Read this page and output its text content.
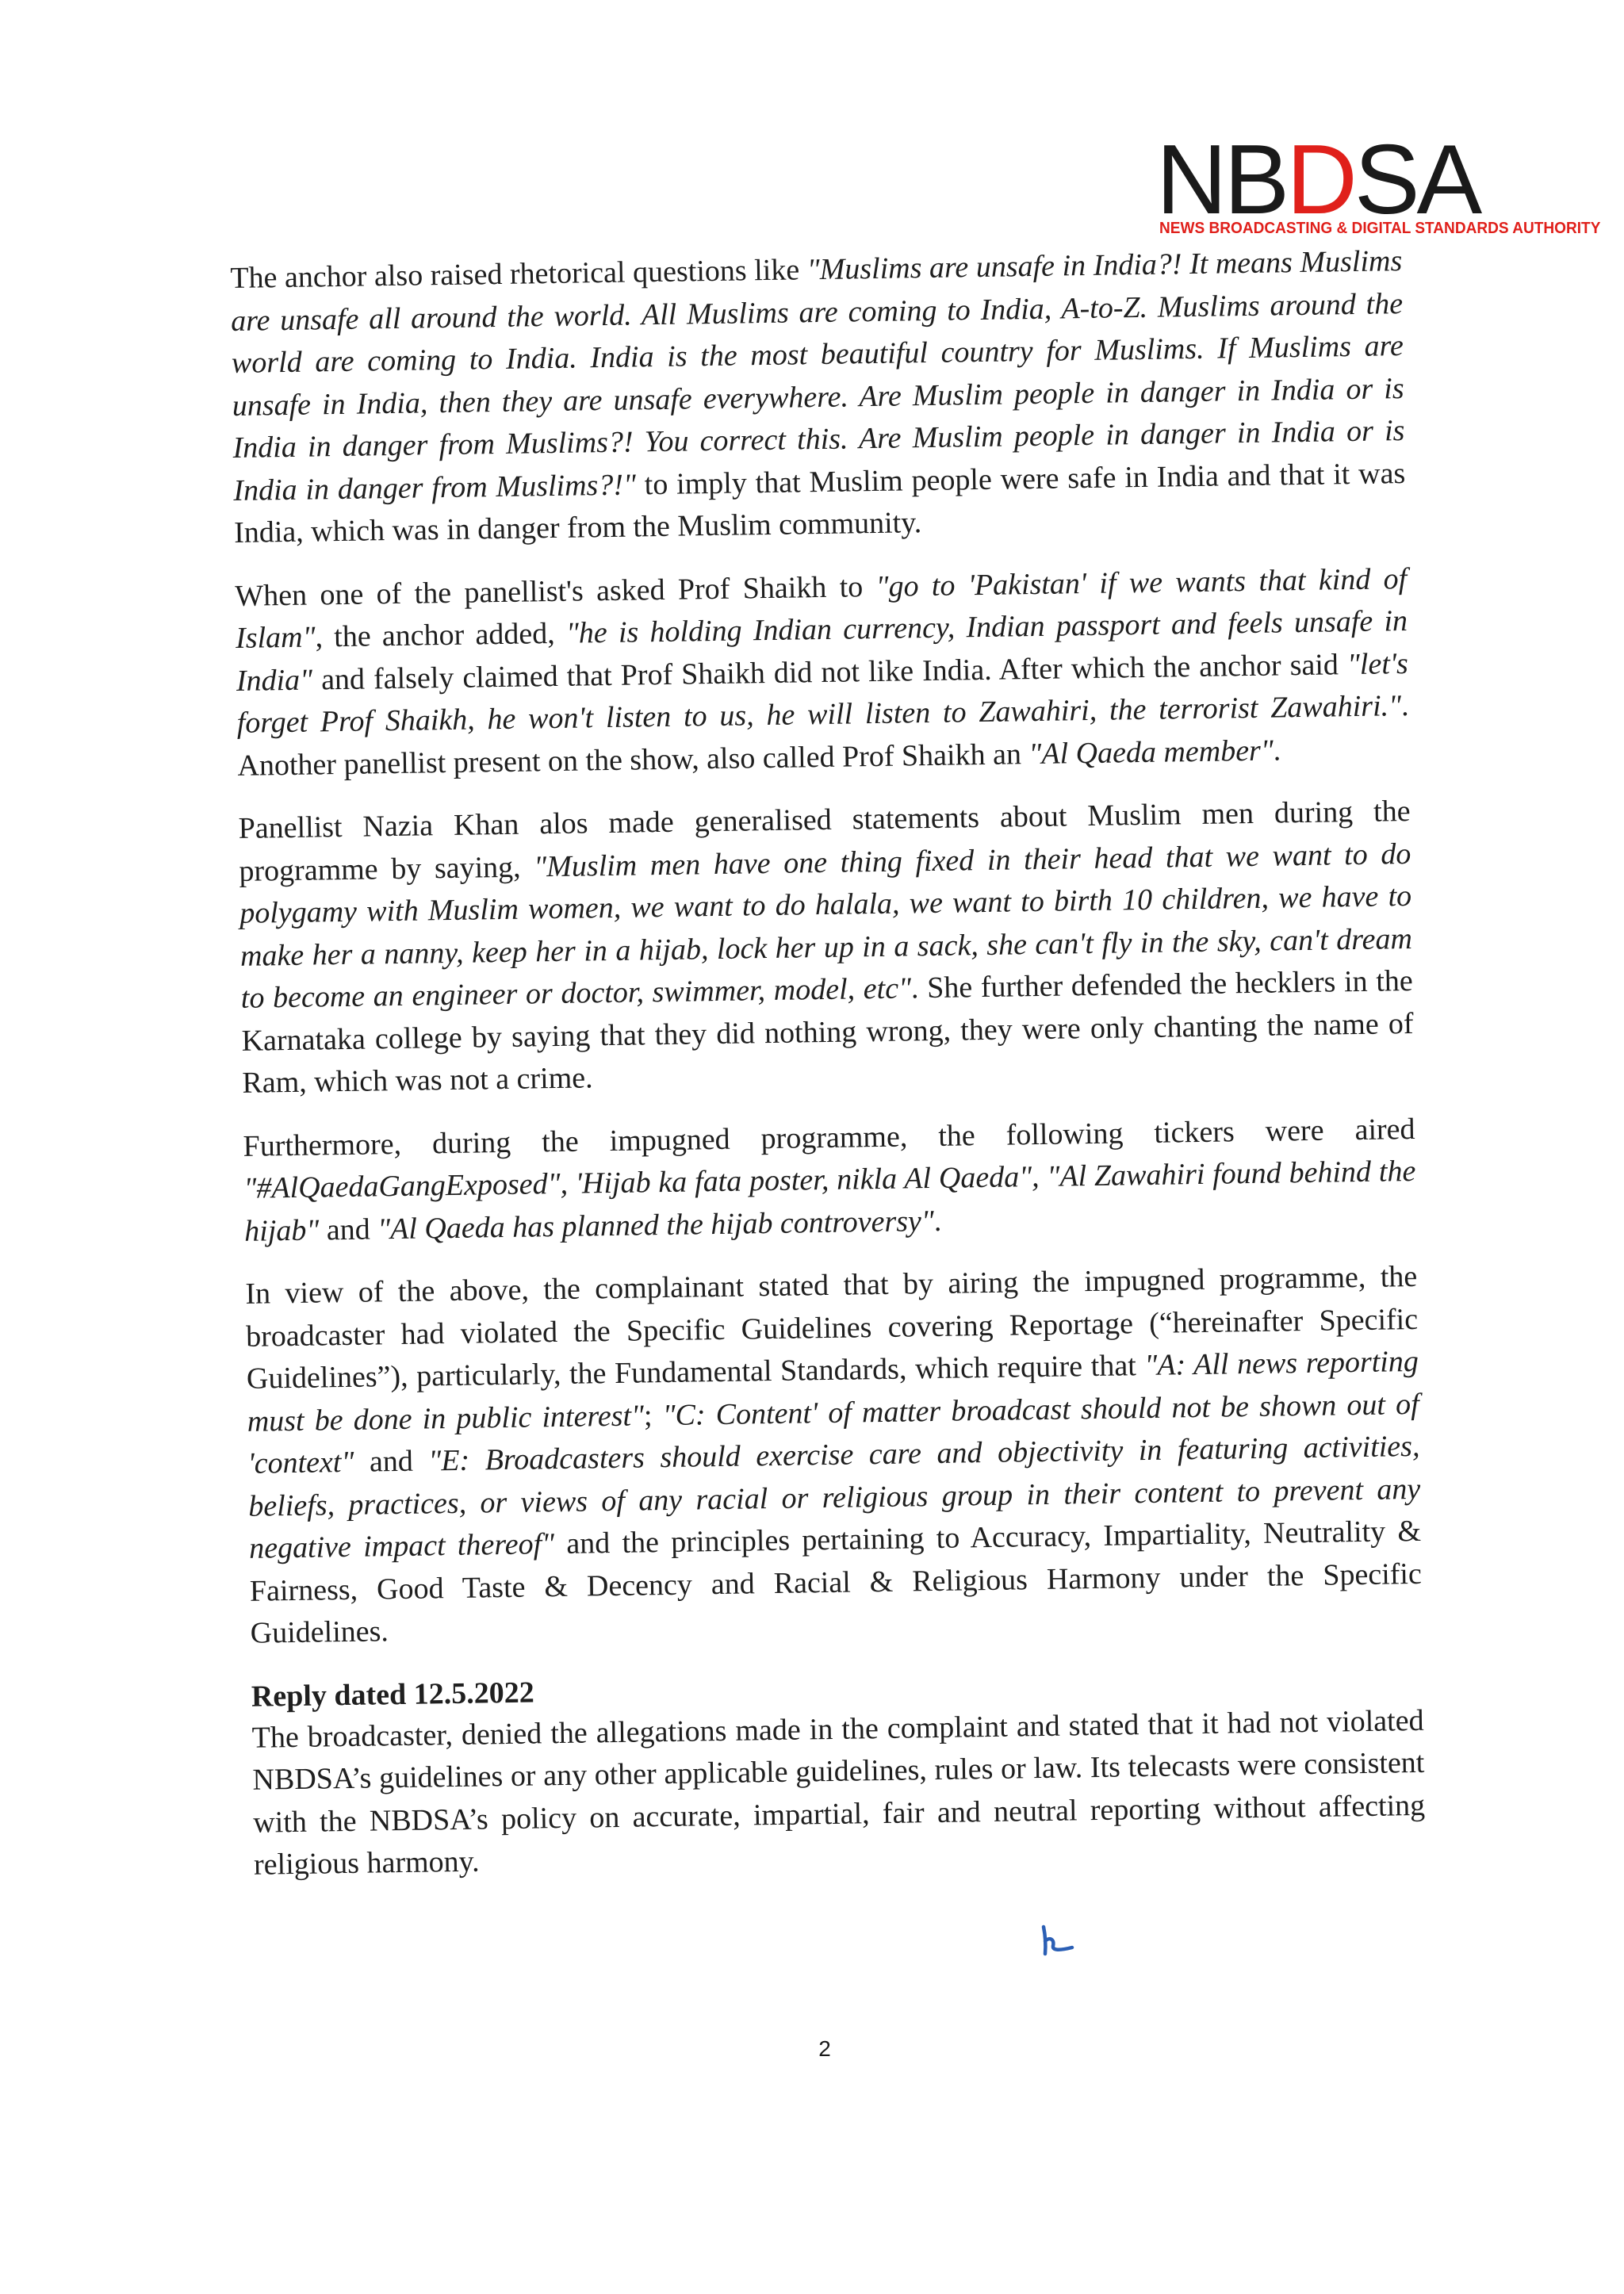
NBDSA
NEWS BROADCASTING & DIGITAL STANDARDS AUTHORITY

The anchor also raised rhetorical questions like "Muslims are unsafe in India?! It means Muslims are unsafe all around the world. All Muslims are coming to India, A-to-Z. Muslims around the world are coming to India. India is the most beautiful country for Muslims. If Muslims are unsafe in India, then they are unsafe everywhere. Are Muslim people in danger in India or is India in danger from Muslims?! You correct this. Are Muslim people in danger in India or is India in danger from Muslims?!" to imply that Muslim people were safe in India and that it was India, which was in danger from the Muslim community.

When one of the panellist's asked Prof Shaikh to "go to 'Pakistan' if we wants that kind of Islam", the anchor added, "he is holding Indian currency, Indian passport and feels unsafe in India" and falsely claimed that Prof Shaikh did not like India. After which the anchor said "let's forget Prof Shaikh, he won't listen to us, he will listen to Zawahiri, the terrorist Zawahiri.". Another panellist present on the show, also called Prof Shaikh an "Al Qaeda member".

Panellist Nazia Khan alos made generalised statements about Muslim men during the programme by saying, "Muslim men have one thing fixed in their head that we want to do polygamy with Muslim women, we want to do halala, we want to birth 10 children, we have to make her a nanny, keep her in a hijab, lock her up in a sack, she can't fly in the sky, can't dream to become an engineer or doctor, swimmer, model, etc". She further defended the hecklers in the Karnataka college by saying that they did nothing wrong, they were only chanting the name of Ram, which was not a crime.

Furthermore, during the impugned programme, the following tickers were aired "#AlQaedaGangExposed", 'Hijab ka fata poster, nikla Al Qaeda", "Al Zawahiri found behind the hijab" and "Al Qaeda has planned the hijab controversy".

In view of the above, the complainant stated that by airing the impugned programme, the broadcaster had violated the Specific Guidelines covering Reportage (“hereinafter Specific Guidelines”), particularly, the Fundamental Standards, which require that "A: All news reporting must be done in public interest"; "C: Content' of matter broadcast should not be shown out of 'context" and "E: Broadcasters should exercise care and objectivity in featuring activities, beliefs, practices, or views of any racial or religious group in their content to prevent any negative impact thereof" and the principles pertaining to Accuracy, Impartiality, Neutrality & Fairness, Good Taste & Decency and Racial & Religious Harmony under the Specific Guidelines.

Reply dated 12.5.2022

The broadcaster, denied the allegations made in the complaint and stated that it had not violated NBDSA’s guidelines or any other applicable guidelines, rules or law. Its telecasts were consistent with the NBDSA’s policy on accurate, impartial, fair and neutral reporting without affecting religious harmony.

2
